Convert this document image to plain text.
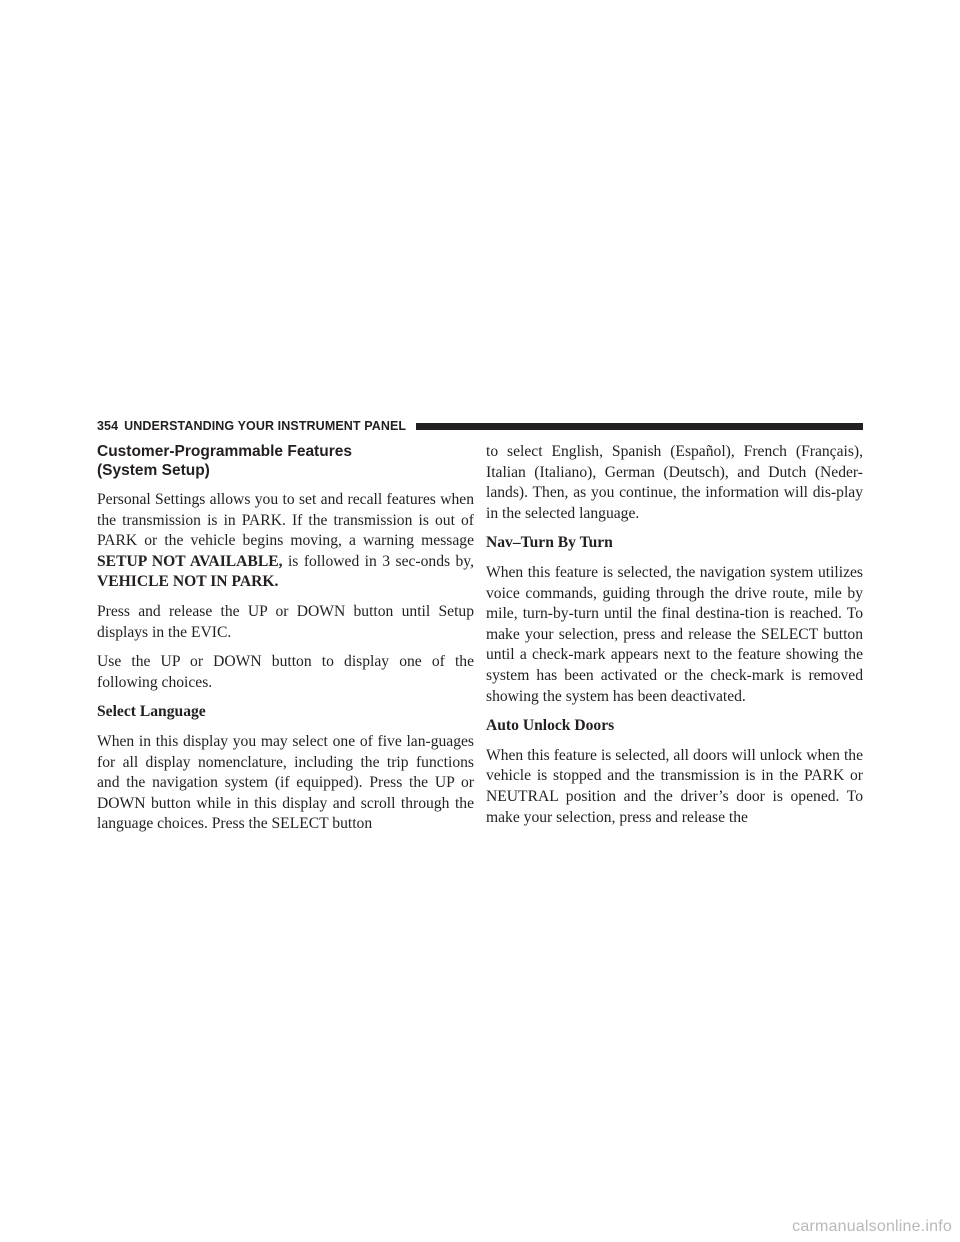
354 UNDERSTANDING YOUR INSTRUMENT PANEL
Customer-Programmable Features
(System Setup)

Personal Settings allows you to set and recall features when the transmission is in PARK. If the transmission is out of PARK or the vehicle begins moving, a warning message SETUP NOT AVAILABLE, is followed in 3 sec-onds by, VEHICLE NOT IN PARK.

Press and release the UP or DOWN button until Setup displays in the EVIC.

Use the UP or DOWN button to display one of the following choices.

Select Language

When in this display you may select one of five lan-guages for all display nomenclature, including the trip functions and the navigation system (if equipped). Press the UP or DOWN button while in this display and scroll through the language choices. Press the SELECT button

to select English, Spanish (Español), French (Français), Italian (Italiano), German (Deutsch), and Dutch (Neder-lands). Then, as you continue, the information will dis-play in the selected language.

Nav–Turn By Turn

When this feature is selected, the navigation system utilizes voice commands, guiding through the drive route, mile by mile, turn-by-turn until the final destina-tion is reached. To make your selection, press and release the SELECT button until a check-mark appears next to the feature showing the system has been activated or the check-mark is removed showing the system has been deactivated.

Auto Unlock Doors

When this feature is selected, all doors will unlock when the vehicle is stopped and the transmission is in the PARK or NEUTRAL position and the driver’s door is opened. To make your selection, press and release the

carmanualsonline.info
